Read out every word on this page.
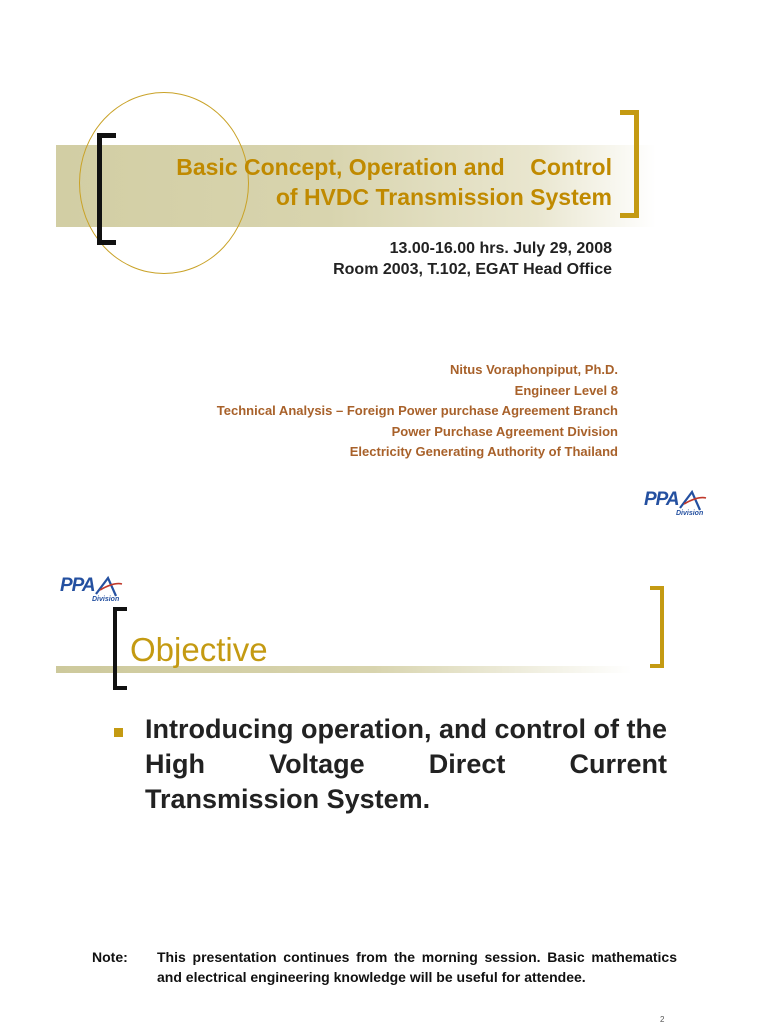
Basic Concept, Operation and    Control
of HVDC Transmission System
13.00-16.00 hrs. July 29, 2008
Room 2003, T.102, EGAT Head Office
Nitus Voraphonpiput, Ph.D.
Engineer Level 8
Technical Analysis – Foreign Power purchase Agreement Branch
Power Purchase Agreement Division
Electricity Generating Authority of Thailand
PPA
Division
PPA
Division
Objective
Introducing operation, and control of the High Voltage Direct Current Transmission System.
Note: This presentation continues from the morning session. Basic mathematics and electrical engineering knowledge will be useful for attendee.
2
